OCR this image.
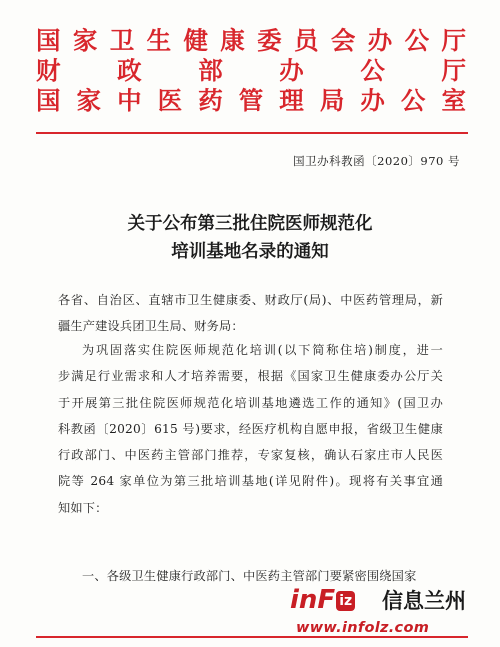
国 家 卫 生 健 康 委 员 会 办 公 厅
财 政 部 办 公 厅
国 家 中 医 药 管 理 局 办 公 室
国卫办科教函〔2020〕970 号
关于公布第三批住院医师规范化
培训基地名录的通知
各省、自治区、直辖市卫生健康委、财政厅(局)、中医药管理局，新
疆生产建设兵团卫生局、财务局：
为巩固落实住院医师规范化培训(以下简称住培)制度，进一
步满足行业需求和人才培养需要，根据《国家卫生健康委办公厅关
于开展第三批住院医师规范化培训基地遴选工作的通知》(国卫办
科教函〔2020〕615 号)要求，经医疗机构自愿申报，省级卫生健康
行政部门、中医药主管部门推荐，专家复核，确认石家庄市人民医
院等 264 家单位为第三批培训基地(详见附件)。现将有关事宜通
知如下：
一、各级卫生健康行政部门、中医药主管部门要紧密围绕国家
inF iz 信息兰州
www.infolz.com
